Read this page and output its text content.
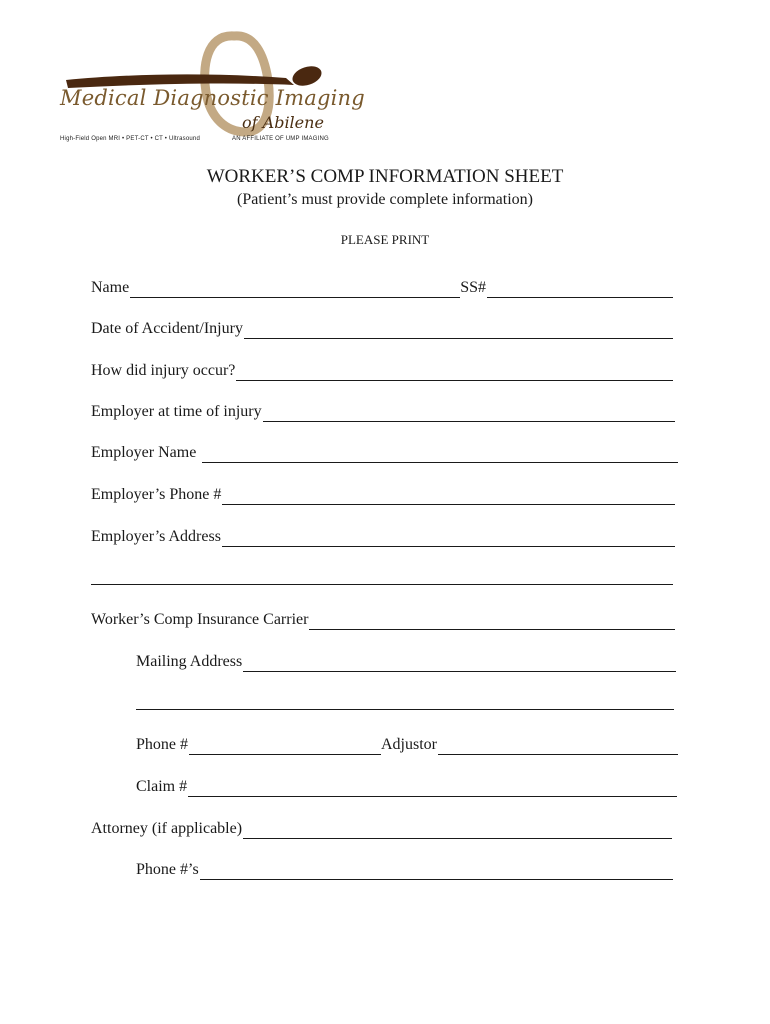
Medical Diagnostic Imaging
of Abilene
High-Field Open MRI • PET-CT • CT • Ultrasound	AN AFFILIATE OF UMP IMAGING
WORKER’S COMP INFORMATION SHEET
(Patient’s must provide complete information)
PLEASE PRINT
Name	SS#
Date of Accident/Injury
How did injury occur?
Employer at time of injury
Employer Name
Employer’s Phone #
Employer’s Address
Worker’s Comp Insurance Carrier
Mailing Address
Phone #	Adjustor
Claim #
Attorney (if applicable)
Phone #’s
